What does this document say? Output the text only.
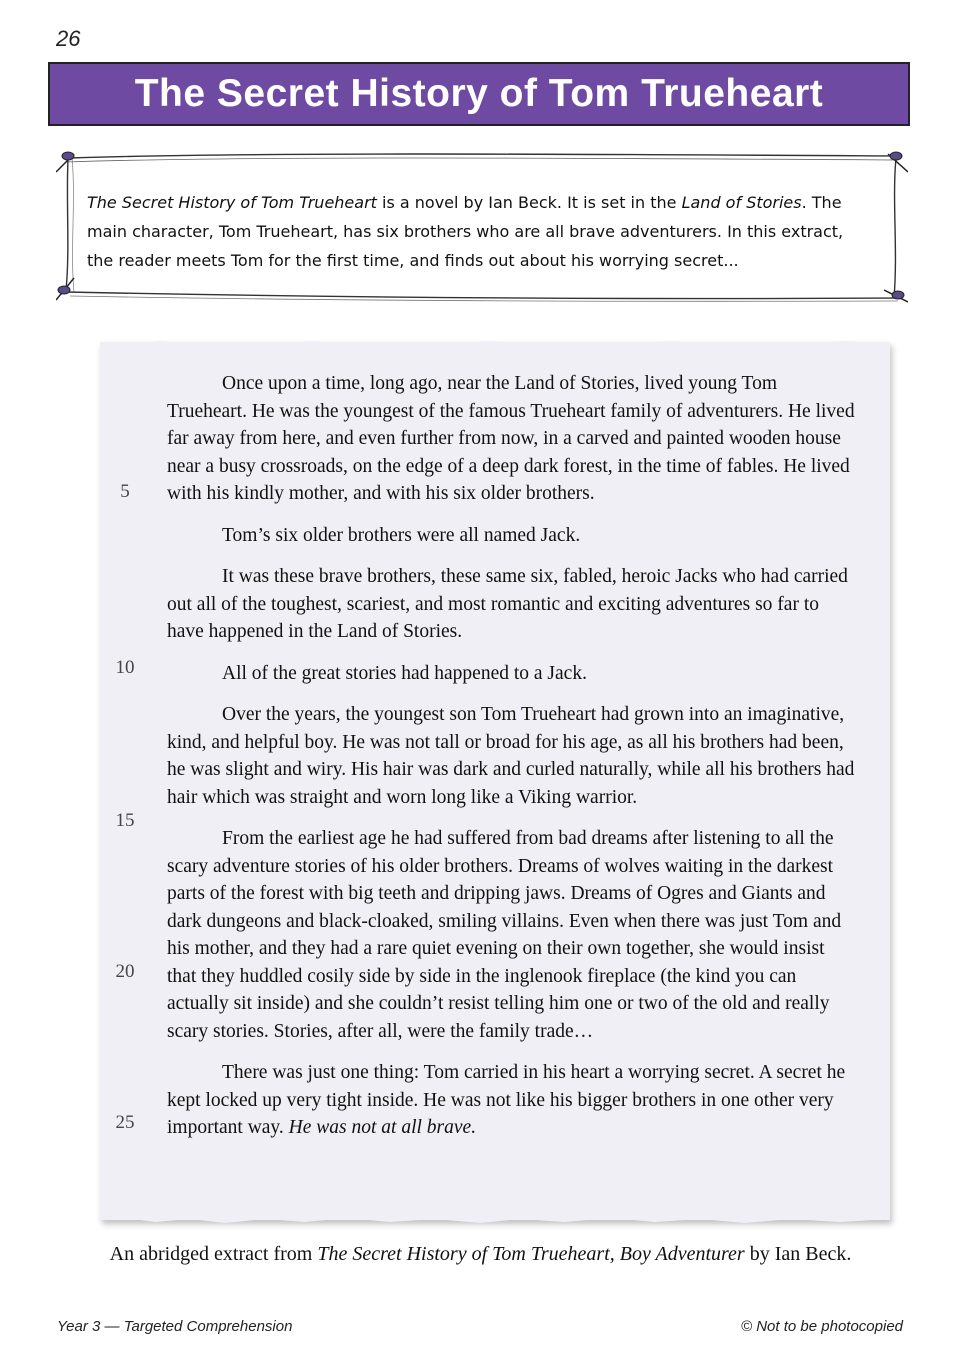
26
The Secret History of Tom Trueheart

The Secret History of Tom Trueheart is a novel by Ian Beck. It is set in the Land of Stories. The main character, Tom Trueheart, has six brothers who are all brave adventurers. In this extract, the reader meets Tom for the first time, and finds out about his worrying secret...

5
10
15
20
25

Once upon a time, long ago, near the Land of Stories, lived young Tom Trueheart. He was the youngest of the famous Trueheart family of adventurers. He lived far away from here, and even further from now, in a carved and painted wooden house near a busy crossroads, on the edge of a deep dark forest, in the time of fables. He lived with his kindly mother, and with his six older brothers.

Tom’s six older brothers were all named Jack.

It was these brave brothers, these same six, fabled, heroic Jacks who had carried out all of the toughest, scariest, and most romantic and exciting adventures so far to have happened in the Land of Stories.

All of the great stories had happened to a Jack.

Over the years, the youngest son Tom Trueheart had grown into an imaginative, kind, and helpful boy. He was not tall or broad for his age, as all his brothers had been, he was slight and wiry. His hair was dark and curled naturally, while all his brothers had hair which was straight and worn long like a Viking warrior.

From the earliest age he had suffered from bad dreams after listening to all the scary adventure stories of his older brothers. Dreams of wolves waiting in the darkest parts of the forest with big teeth and dripping jaws. Dreams of Ogres and Giants and dark dungeons and black-cloaked, smiling villains. Even when there was just Tom and his mother, and they had a rare quiet evening on their own together, she would insist that they huddled cosily side by side in the inglenook fireplace (the kind you can actually sit inside) and she couldn’t resist telling him one or two of the old and really scary stories. Stories, after all, were the family trade…

There was just one thing: Tom carried in his heart a worrying secret. A secret he kept locked up very tight inside. He was not like his bigger brothers in one other very important way. He was not at all brave.

An abridged extract from The Secret History of Tom Trueheart, Boy Adventurer by Ian Beck.
Year 3 — Targeted Comprehension	© Not to be photocopied
